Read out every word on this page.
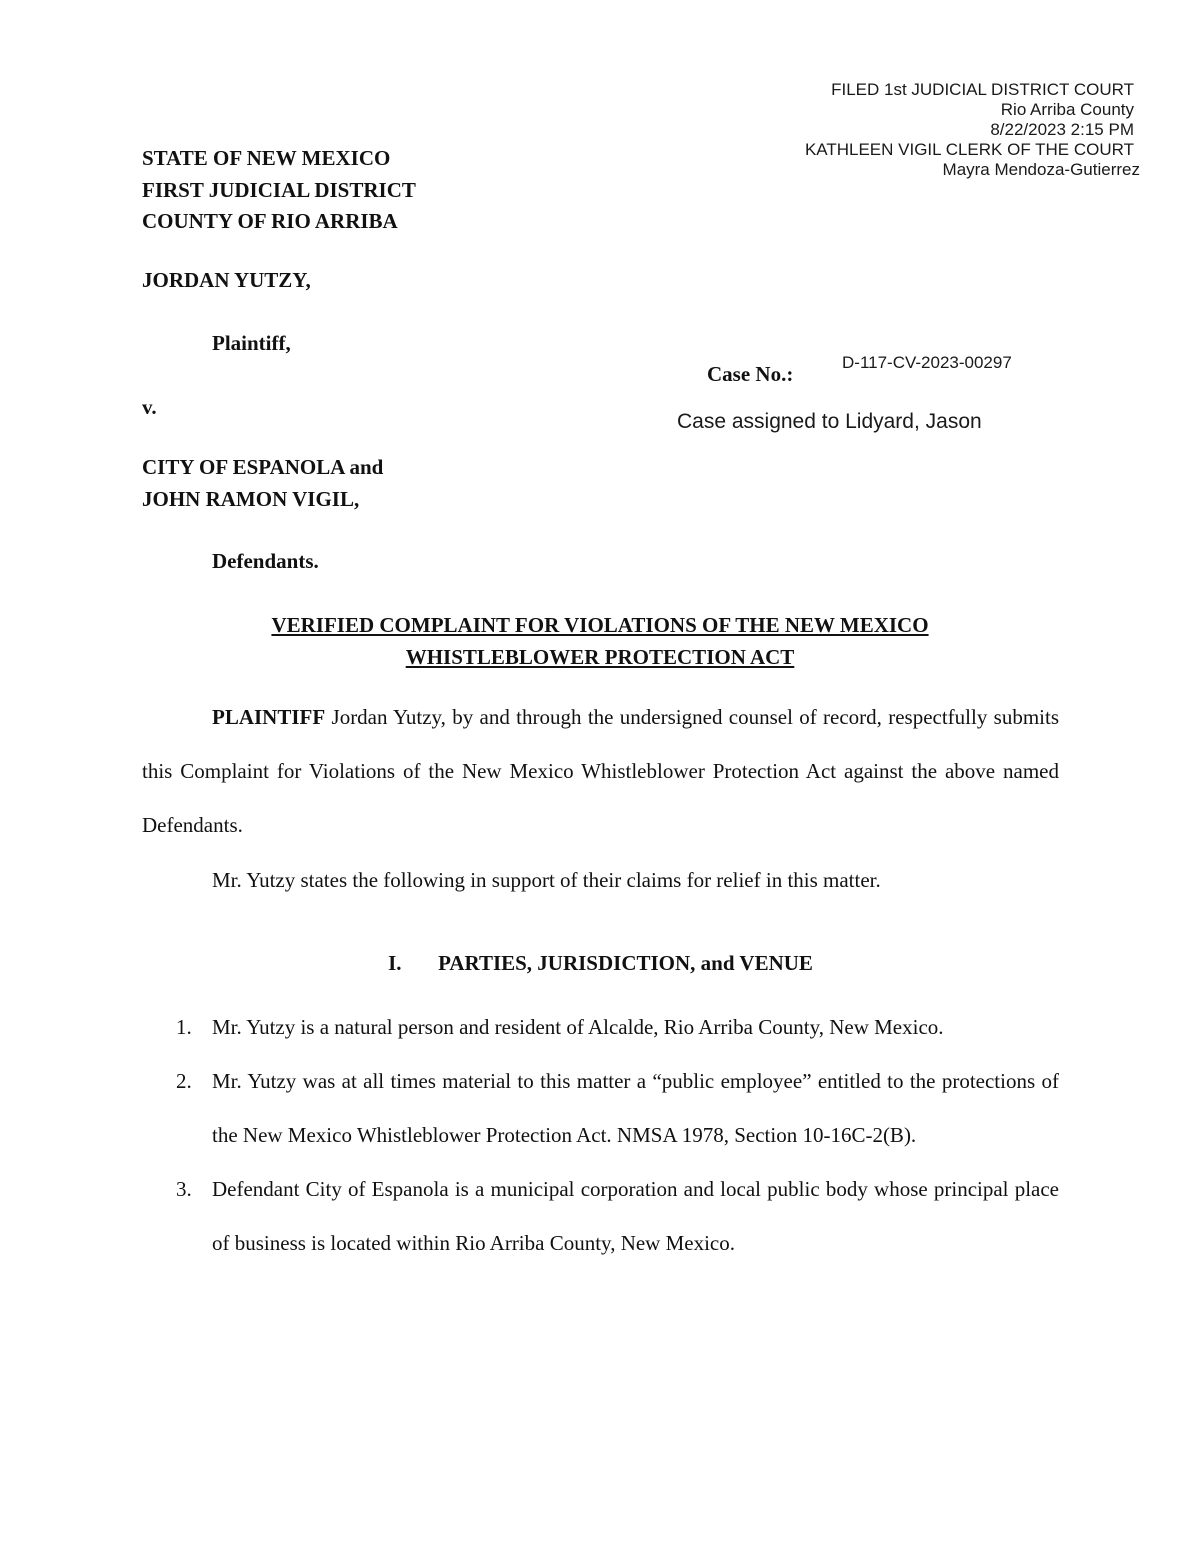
FILED 1st JUDICIAL DISTRICT COURT
Rio Arriba County
8/22/2023 2:15 PM
KATHLEEN VIGIL CLERK OF THE COURT
Mayra Mendoza-Gutierrez
STATE OF NEW MEXICO
FIRST JUDICIAL DISTRICT
COUNTY OF RIO ARRIBA
JORDAN YUTZY,
Plaintiff,
v.
CITY OF ESPANOLA and
JOHN RAMON VIGIL,
Defendants.
Case No.:	D-117-CV-2023-00297
Case assigned to Lidyard, Jason
VERIFIED COMPLAINT FOR VIOLATIONS OF THE NEW MEXICO
WHISTLEBLOWER PROTECTION ACT
PLAINTIFF Jordan Yutzy, by and through the undersigned counsel of record, respectfully submits this Complaint for Violations of the New Mexico Whistleblower Protection Act against the above named Defendants.
Mr. Yutzy states the following in support of their claims for relief in this matter.
I. PARTIES, JURISDICTION, and VENUE
1. Mr. Yutzy is a natural person and resident of Alcalde, Rio Arriba County, New Mexico.
2. Mr. Yutzy was at all times material to this matter a “public employee” entitled to the protections of the New Mexico Whistleblower Protection Act. NMSA 1978, Section 10-16C-2(B).
3. Defendant City of Espanola is a municipal corporation and local public body whose principal place of business is located within Rio Arriba County, New Mexico.
